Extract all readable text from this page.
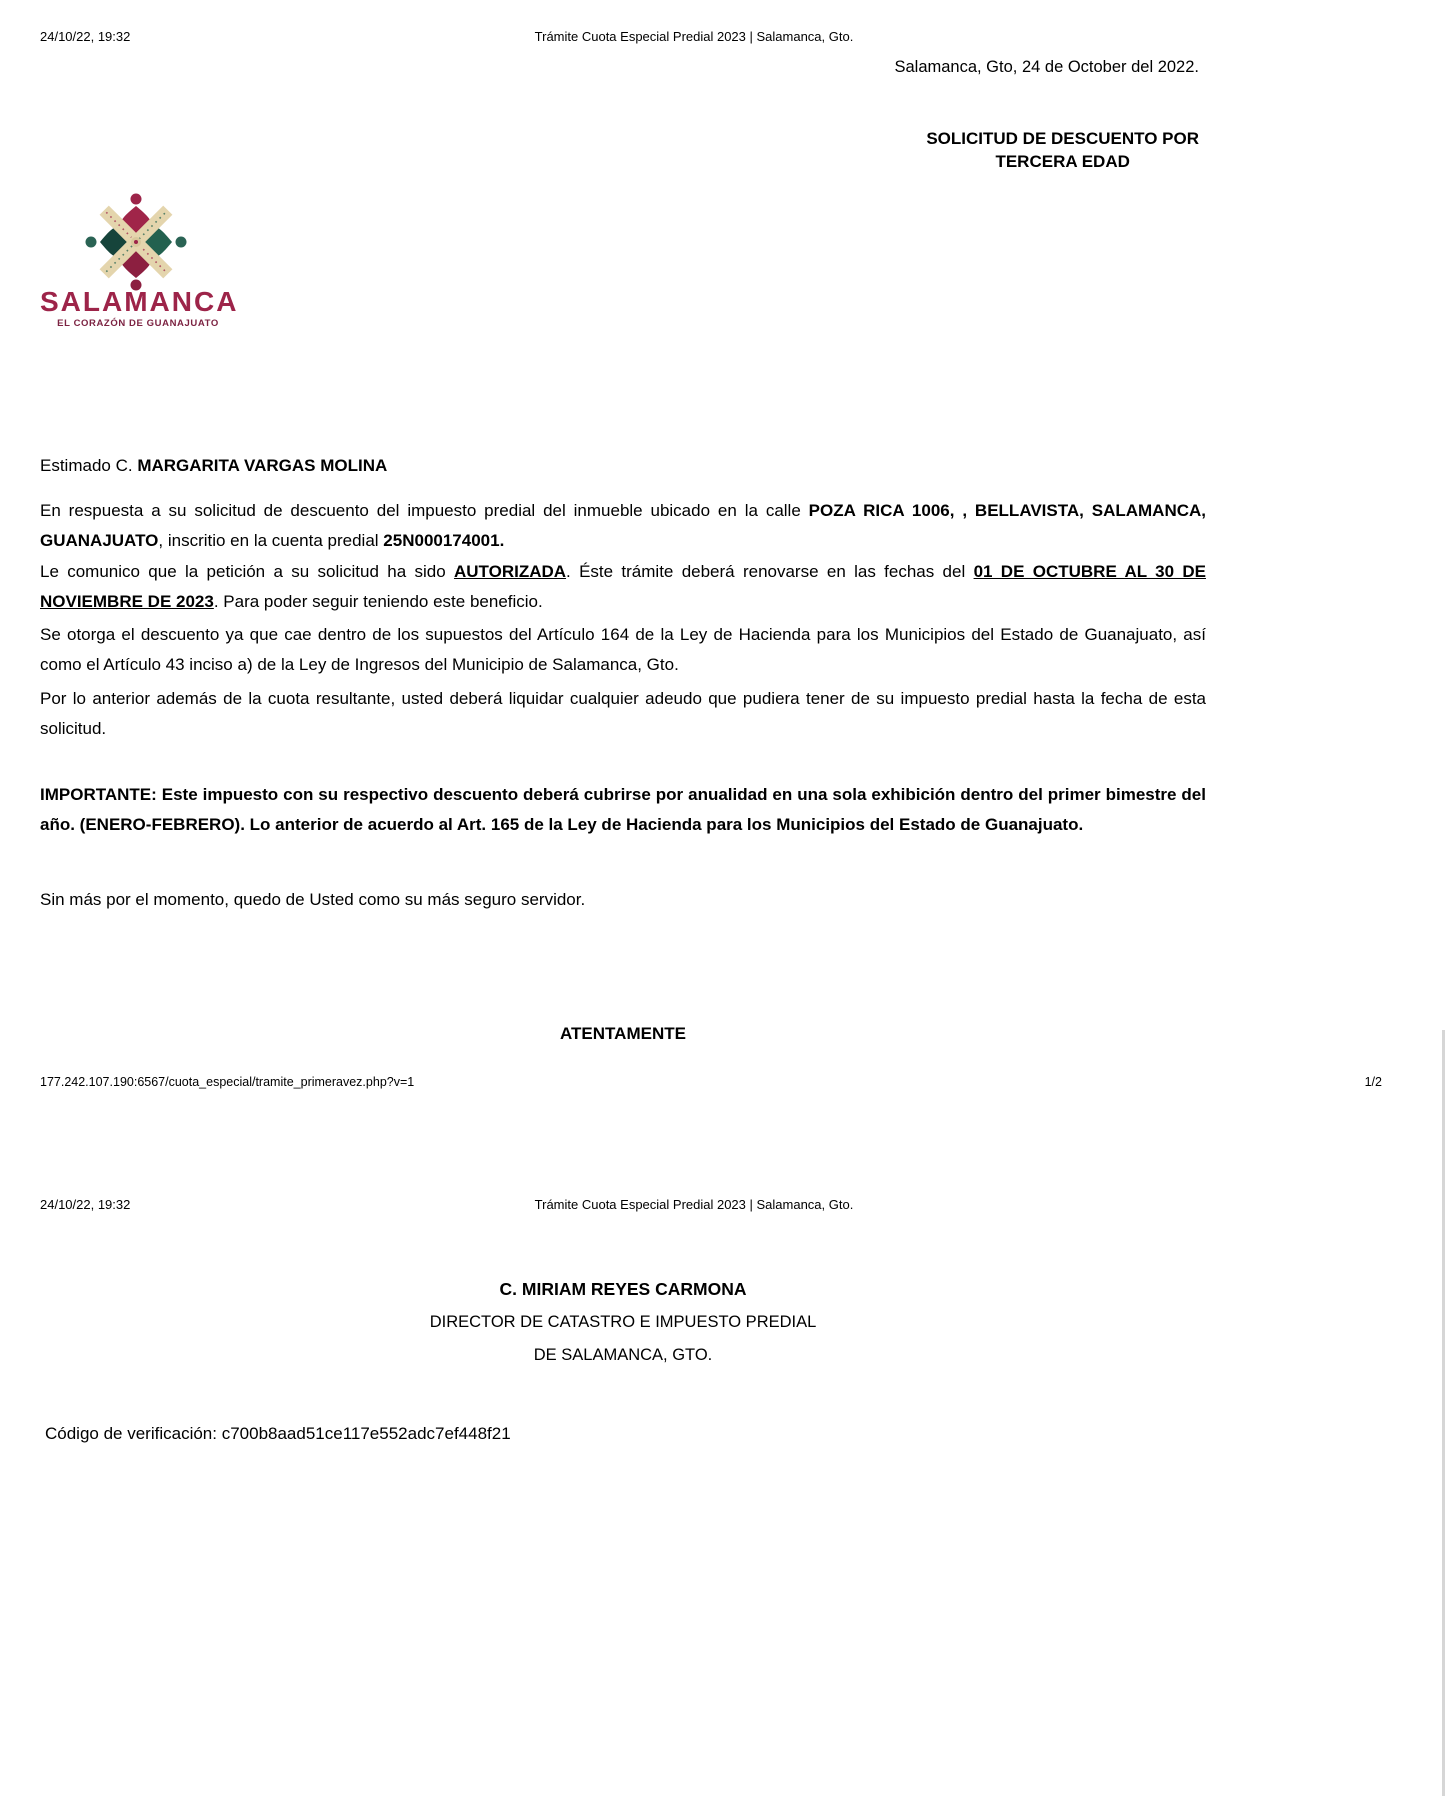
24/10/22, 19:32	Trámite Cuota Especial Predial 2023 | Salamanca, Gto.
Salamanca, Gto, 24 de October del 2022.
SOLICITUD DE DESCUENTO POR
TERCERA EDAD
SALAMANCA
EL CORAZÓN DE GUANAJUATO

Estimado C. MARGARITA VARGAS MOLINA

En respuesta a su solicitud de descuento del impuesto predial del inmueble ubicado en la calle POZA RICA 1006, , BELLAVISTA, SALAMANCA, GUANAJUATO, inscritio en la cuenta predial 25N000174001.

Le comunico que la petición a su solicitud ha sido AUTORIZADA. Éste trámite deberá renovarse en las fechas del 01 DE OCTUBRE AL 30 DE NOVIEMBRE DE 2023. Para poder seguir teniendo este beneficio.

Se otorga el descuento ya que cae dentro de los supuestos del Artículo 164 de la Ley de Hacienda para los Municipios del Estado de Guanajuato, así como el Artículo 43 inciso a) de la Ley de Ingresos del Municipio de Salamanca, Gto.

Por lo anterior además de la cuota resultante, usted deberá liquidar cualquier adeudo que pudiera tener de su impuesto predial hasta la fecha de esta solicitud.

IMPORTANTE: Este impuesto con su respectivo descuento deberá cubrirse por anualidad en una sola exhibición dentro del primer bimestre del año. (ENERO-FEBRERO). Lo anterior de acuerdo al Art. 165 de la Ley de Hacienda para los Municipios del Estado de Guanajuato.

Sin más por el momento, quedo de Usted como su más seguro servidor.

ATENTAMENTE
177.242.107.190:6567/cuota_especial/tramite_primeravez.php?v=1	1/2
24/10/22, 19:32	Trámite Cuota Especial Predial 2023 | Salamanca, Gto.
C. MIRIAM REYES CARMONA
DIRECTOR DE CATASTRO E IMPUESTO PREDIAL
DE SALAMANCA, GTO.
Código de verificación: c700b8aad51ce117e552adc7ef448f21
